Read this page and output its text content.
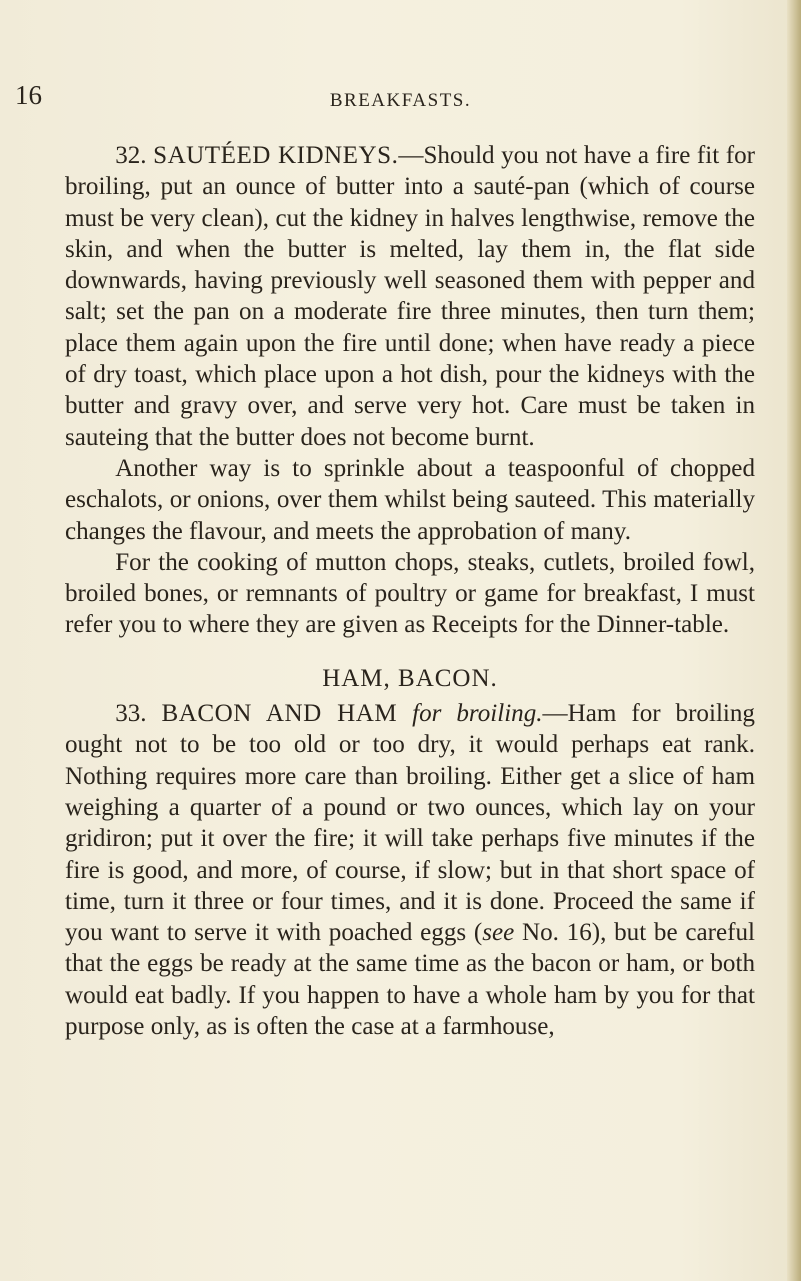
16	BREAKFASTS.

32. SAUTÉED KIDNEYS.—Should you not have a fire fit for broiling, put an ounce of butter into a sauté-pan (which of course must be very clean), cut the kidney in halves lengthwise, remove the skin, and when the butter is melted, lay them in, the flat side downwards, having previously well seasoned them with pepper and salt; set the pan on a moderate fire three minutes, then turn them; place them again upon the fire until done; when have ready a piece of dry toast, which place upon a hot dish, pour the kidneys with the butter and gravy over, and serve very hot. Care must be taken in sauteing that the butter does not become burnt.

Another way is to sprinkle about a teaspoonful of chopped eschalots, or onions, over them whilst being sauteed. This materially changes the flavour, and meets the approbation of many.

For the cooking of mutton chops, steaks, cutlets, broiled fowl, broiled bones, or remnants of poultry or game for breakfast, I must refer you to where they are given as Receipts for the Dinner-table.

HAM, BACON.

33. BACON AND HAM for broiling.—Ham for broiling ought not to be too old or too dry, it would perhaps eat rank. Nothing requires more care than broiling. Either get a slice of ham weighing a quarter of a pound or two ounces, which lay on your gridiron; put it over the fire; it will take perhaps five minutes if the fire is good, and more, of course, if slow; but in that short space of time, turn it three or four times, and it is done. Proceed the same if you want to serve it with poached eggs (see No. 16), but be careful that the eggs be ready at the same time as the bacon or ham, or both would eat badly. If you happen to have a whole ham by you for that purpose only, as is often the case at a farmhouse,
